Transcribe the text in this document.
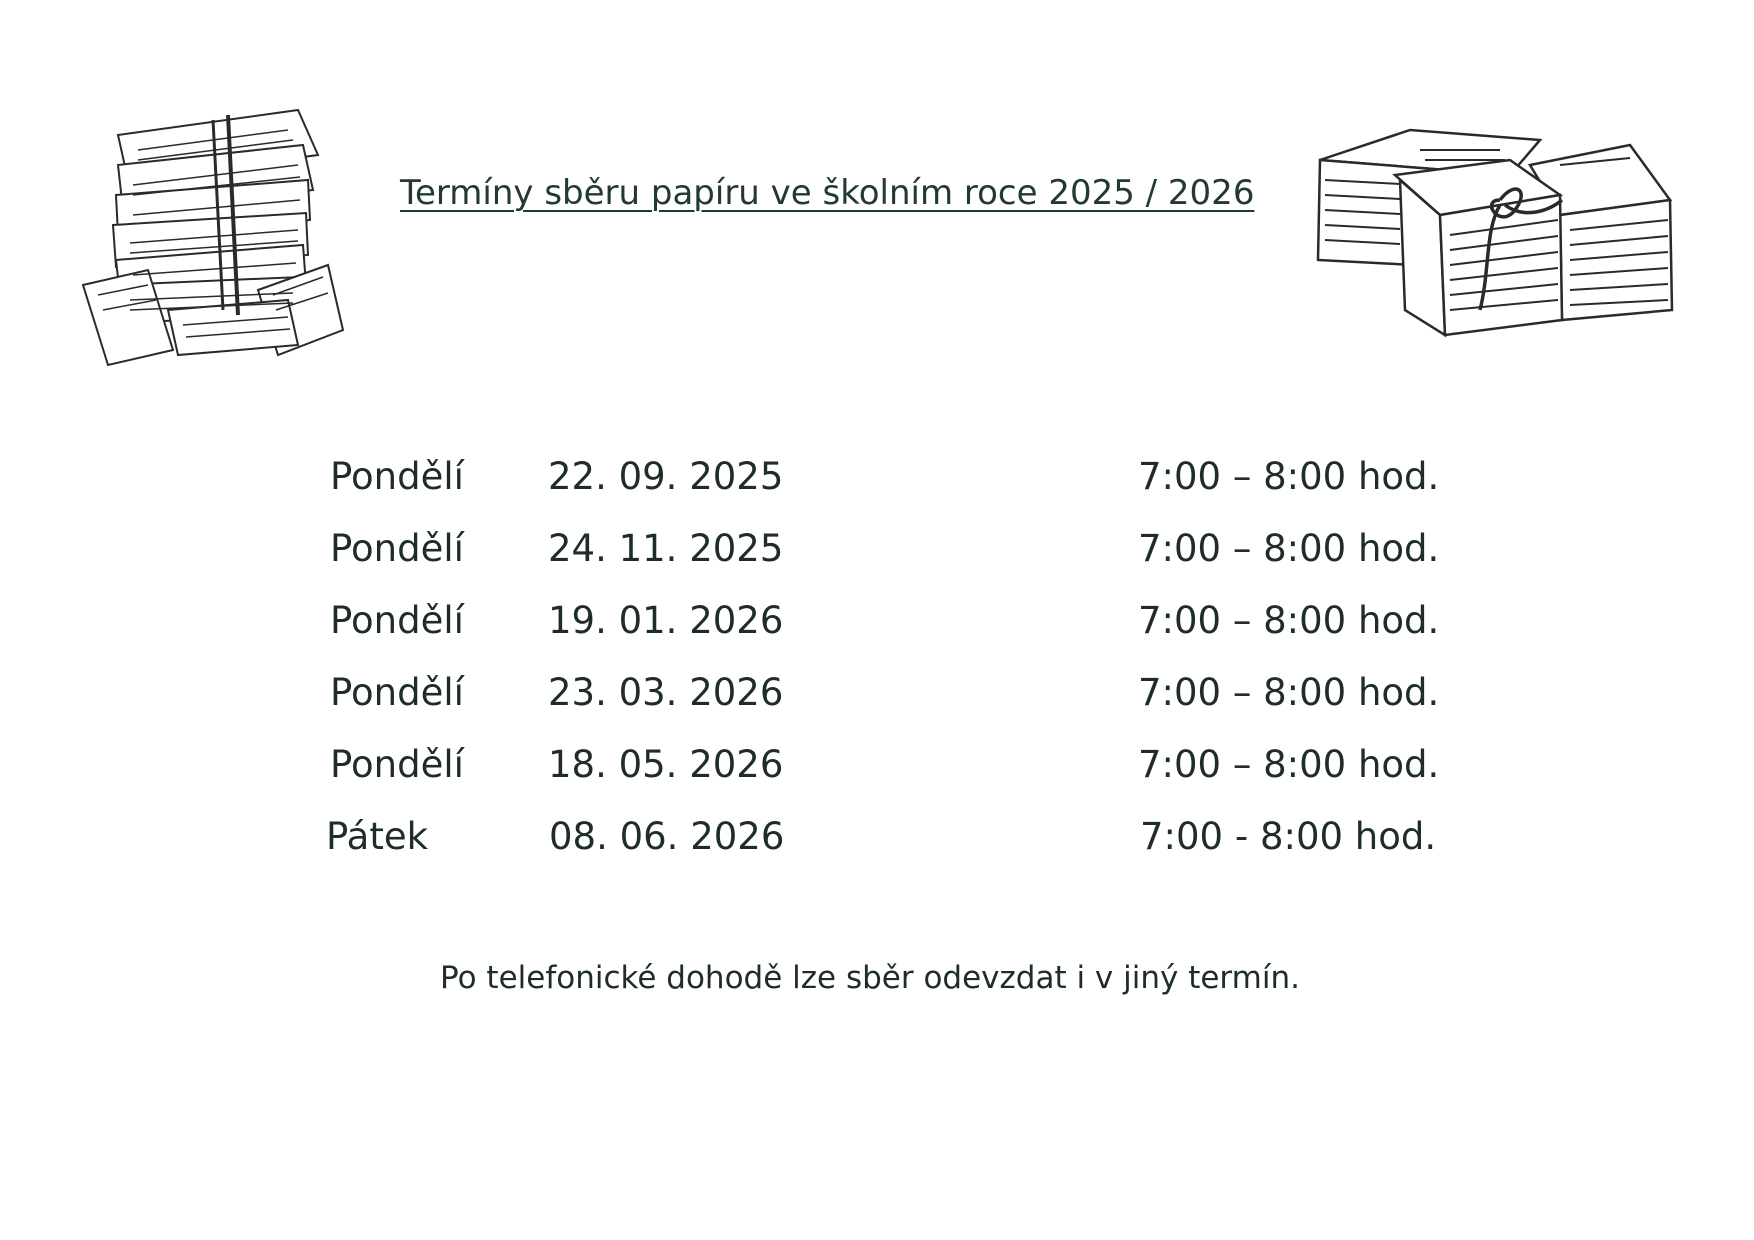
Termíny sběru papíru ve školním roce 2025 / 2026
Pondělí 22. 09. 2025	7:00 – 8:00 hod.
Pondělí 24. 11. 2025	7:00 – 8:00 hod.
Pondělí 19. 01. 2026	7:00 – 8:00 hod.
Pondělí 23. 03. 2026	7:00 – 8:00 hod.
Pondělí 18. 05. 2026	7:00 – 8:00 hod.
Pátek	08. 06. 2026	7:00 - 8:00 hod.
Po telefonické dohodě lze sběr odevzdat i v jiný termín.
